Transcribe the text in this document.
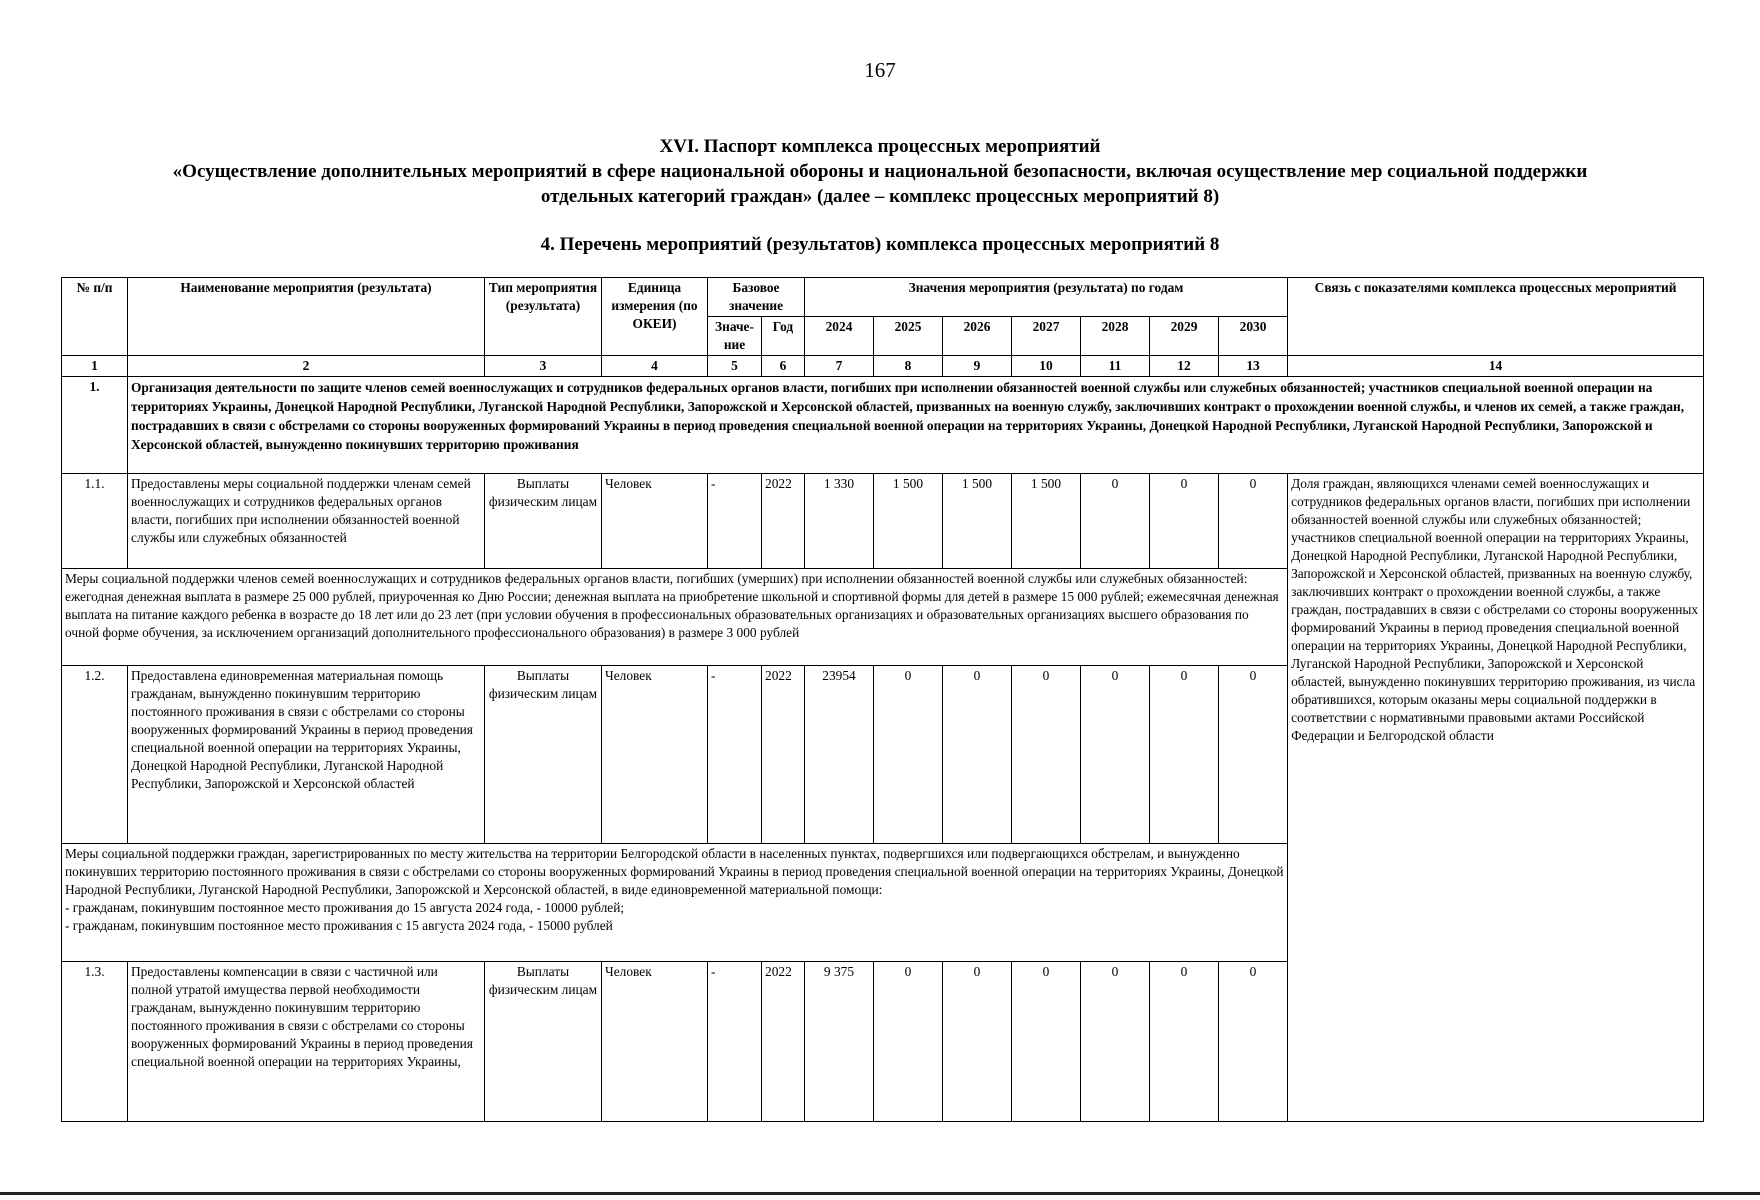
167
XVI. Паспорт комплекса процессных мероприятий
«Осуществление дополнительных мероприятий в сфере национальной обороны и национальной безопасности, включая осуществление мер социальной поддержки
отдельных категорий граждан» (далее – комплекс процессных мероприятий 8)
4. Перечень мероприятий (результатов) комплекса процессных мероприятий 8
№ п/п	Наименование мероприятия (результата)	Тип мероприятия (результата)	Единица измерения (по ОКЕИ)	Базовое значение		Значения мероприятия (результата) по годам							Связь с показателями комплекса процессных мероприятий
				Значе-ние	Год	2024	2025	2026	2027	2028	2029	2030	
1	2	3	4	5	6	7	8	9	10	11	12	13	14
1.	Организация деятельности по защите членов семей военнослужащих и сотрудников федеральных органов власти, погибших при исполнении обязанностей военной службы или служебных обязанностей; участников специальной военной операции на территориях Украины, Донецкой Народной Республики, Луганской Народной Республики, Запорожской и Херсонской областей, призванных на военную службу, заключивших контракт о прохождении военной службы, и членов их семей, а также граждан, пострадавших в связи с обстрелами со стороны вооруженных формирований Украины в период проведения специальной военной операции на территориях Украины, Донецкой Народной Республики, Луганской Народной Республики, Запорожской и Херсонской областей, вынужденно покинувших территорию проживания												
1.1.	Предоставлены меры социальной поддержки членам семей военнослужащих и сотрудников федеральных органов власти, погибших при исполнении обязанностей военной службы или служебных обязанностей	Выплаты физическим лицам	Человек	-	2022	1 330	1 500	1 500	1 500	0	0	0	Доля граждан, являющихся членами семей военнослужащих и сотрудников федеральных органов власти, погибших при исполнении обязанностей военной службы или служебных обязанностей; участников специальной военной операции на территориях Украины, Донецкой Народной Республики, Луганской Народной Республики, Запорожской и Херсонской областей, призванных на военную службу, заключивших контракт о прохождении военной службы, а также граждан, пострадавших в связи с обстрелами со стороны вооруженных формирований Украины в период проведения специальной военной операции на территориях Украины, Донецкой Народной Республики, Луганской Народной Республики, Запорожской и Херсонской областей, вынужденно покинувших территорию проживания, из числа обратившихся, которым оказаны меры социальной поддержки в соответствии с нормативными правовыми актами Российской Федерации и Белгородской области
Меры социальной поддержки членов семей военнослужащих и сотрудников федеральных органов власти, погибших (умерших) при исполнении обязанностей военной службы или служебных обязанностей: ежегодная денежная выплата в размере 25 000 рублей, приуроченная ко Дню России; денежная выплата на приобретение школьной и спортивной формы для детей в размере 15 000 рублей; ежемесячная денежная выплата на питание каждого ребенка в возрасте до 18 лет или до 23 лет (при условии обучения в профессиональных образовательных организациях и образовательных организациях высшего образования по очной форме обучения, за исключением организаций дополнительного профессионального образования) в размере 3 000 рублей													
1.2.	Предоставлена единовременная материальная помощь гражданам, вынужденно покинувшим территорию постоянного проживания в связи с обстрелами со стороны вооруженных формирований Украины в период проведения специальной военной операции на территориях Украины, Донецкой Народной Республики, Луганской Народной Республики, Запорожской и Херсонской областей	Выплаты физическим лицам	Человек	-	2022	23954	0	0	0	0	0	0	

Меры социальной поддержки граждан, зарегистрированных по месту жительства на территории Белгородской области в населенных пунктах, подвергшихся или подвергающихся обстрелам, и вынужденно покинувших территорию постоянного проживания в связи с обстрелами со стороны вооруженных формирований Украины в период проведения специальной военной операции на территориях Украины, Донецкой Народной Республики, Луганской Народной Республики, Запорожской и Херсонской областей, в виде единовременной материальной помощи:
- гражданам, покинувшим постоянное место проживания до 15 августа 2024 года, - 10000 рублей;
- гражданам, покинувшим постоянное место проживания с 15 августа 2024 года, - 15000 рублей													

1.3.	Предоставлены компенсации в связи с частичной или полной утратой имущества первой необходимости гражданам, вынужденно покинувшим территорию постоянного проживания в связи с обстрелами со стороны вооруженных формирований Украины в период проведения специальной военной операции на территориях Украины,	Выплаты физическим лицам	Человек	-	2022	9 375	0	0	0	0	0	0	
